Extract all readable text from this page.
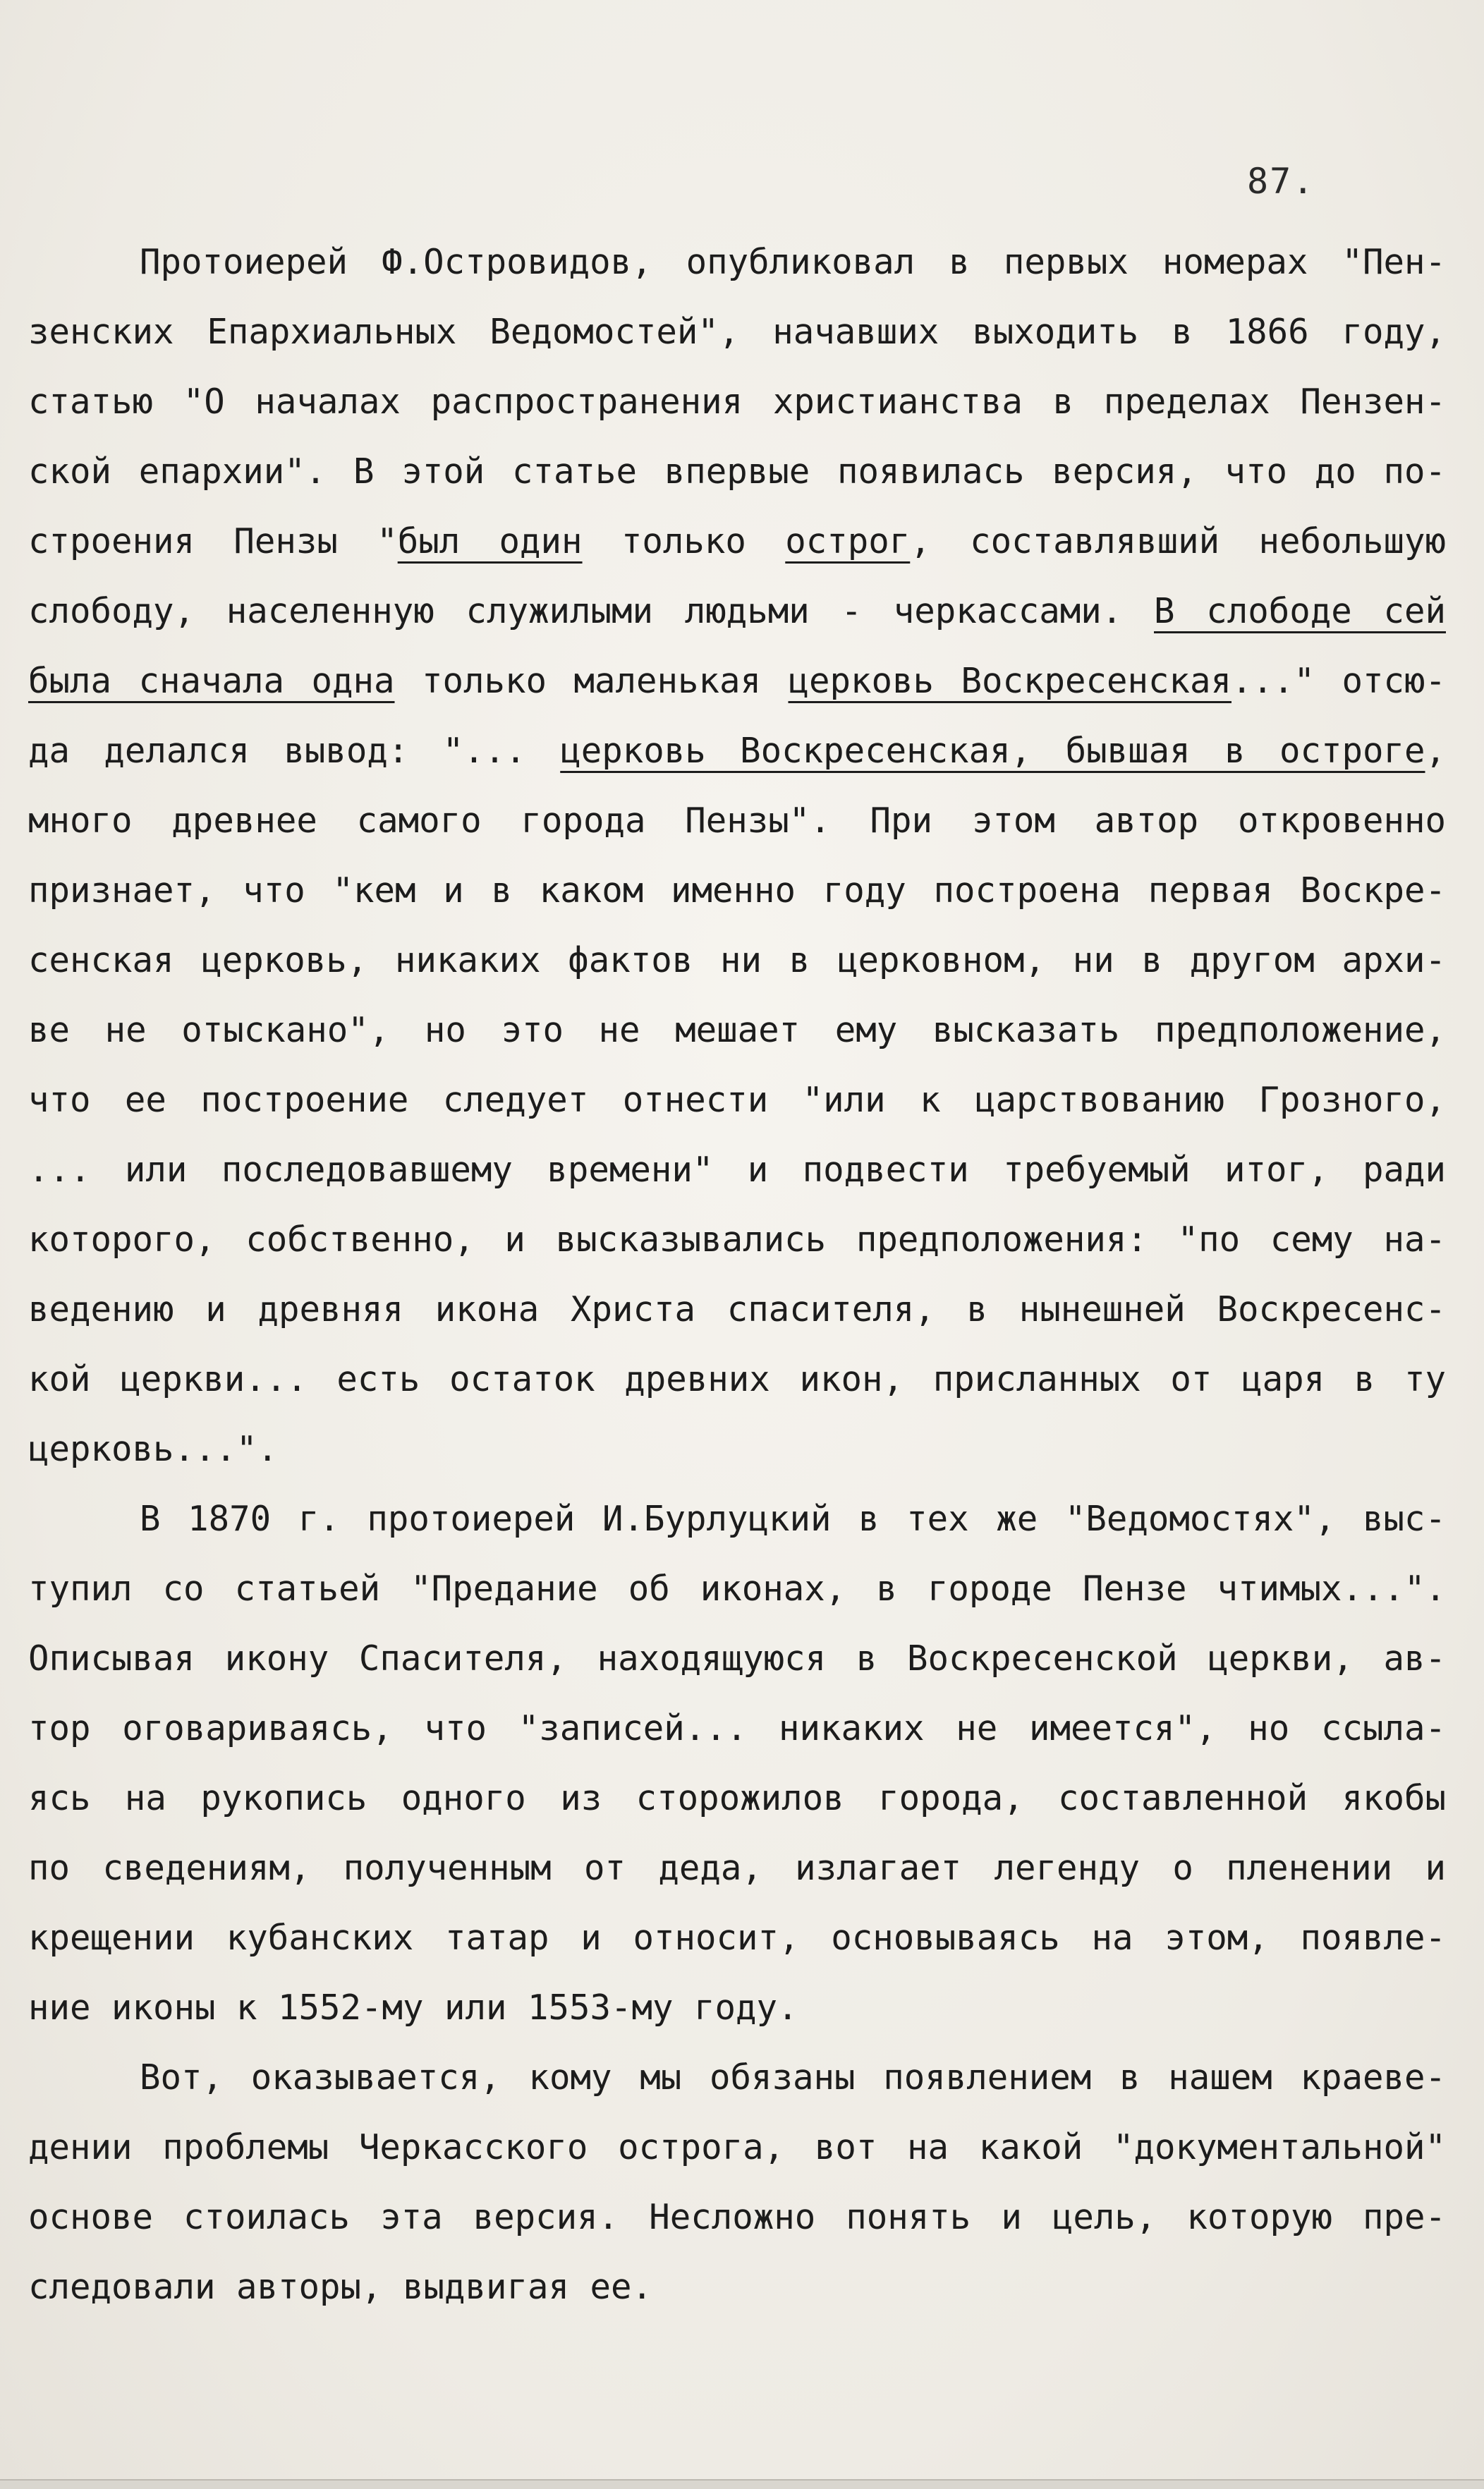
87.
Протоиерей Ф.Островидов, опубликовал в первых номерах "Пен-
зенских Епархиальных Ведомостей", начавших выходить в 1866 году,
статью "О началах распространения христианства в пределах Пензен-
ской епархии". В этой статье впервые появилась версия, что до по-
строения Пензы "был один только острог, составлявший небольшую
слободу, населенную служилыми людьми - черкассами. В слободе сей
была сначала одна только маленькая церковь Воскресенская..." отсю-
да делался вывод: "... церковь Воскресенская, бывшая в остроге,
много древнее самого города Пензы". При этом автор откровенно
признает, что "кем и в каком именно году построена первая Воскре-
сенская церковь, никаких фактов ни в церковном, ни в другом архи-
ве не отыскано", но это не мешает ему высказать предположение,
что ее построение следует отнести "или к царствованию Грозного,
... или последовавшему времени" и подвести требуемый итог, ради
которого, собственно, и высказывались предположения: "по сему на-
ведению и древняя икона Христа спасителя, в нынешней Воскресенс-
кой церкви... есть остаток древних икон, присланных от царя в ту
церковь...".
В 1870 г. протоиерей И.Бурлуцкий в тех же "Ведомостях", выс-
тупил со статьей "Предание об иконах, в городе Пензе чтимых...".
Описывая икону Спасителя, находящуюся в Воскресенской церкви, ав-
тор оговариваясь, что "записей... никаких не имеется", но ссыла-
ясь на рукопись одного из сторожилов города, составленной якобы
по сведениям, полученным от деда, излагает легенду о пленении и
крещении кубанских татар и относит, основываясь на этом, появле-
ние иконы к 1552-му или 1553-му году.
Вот, оказывается, кому мы обязаны появлением в нашем краеве-
дении проблемы Черкасского острога, вот на какой "документальной"
основе стоилась эта версия. Несложно понять и цель, которую пре-
следовали авторы, выдвигая ее.
